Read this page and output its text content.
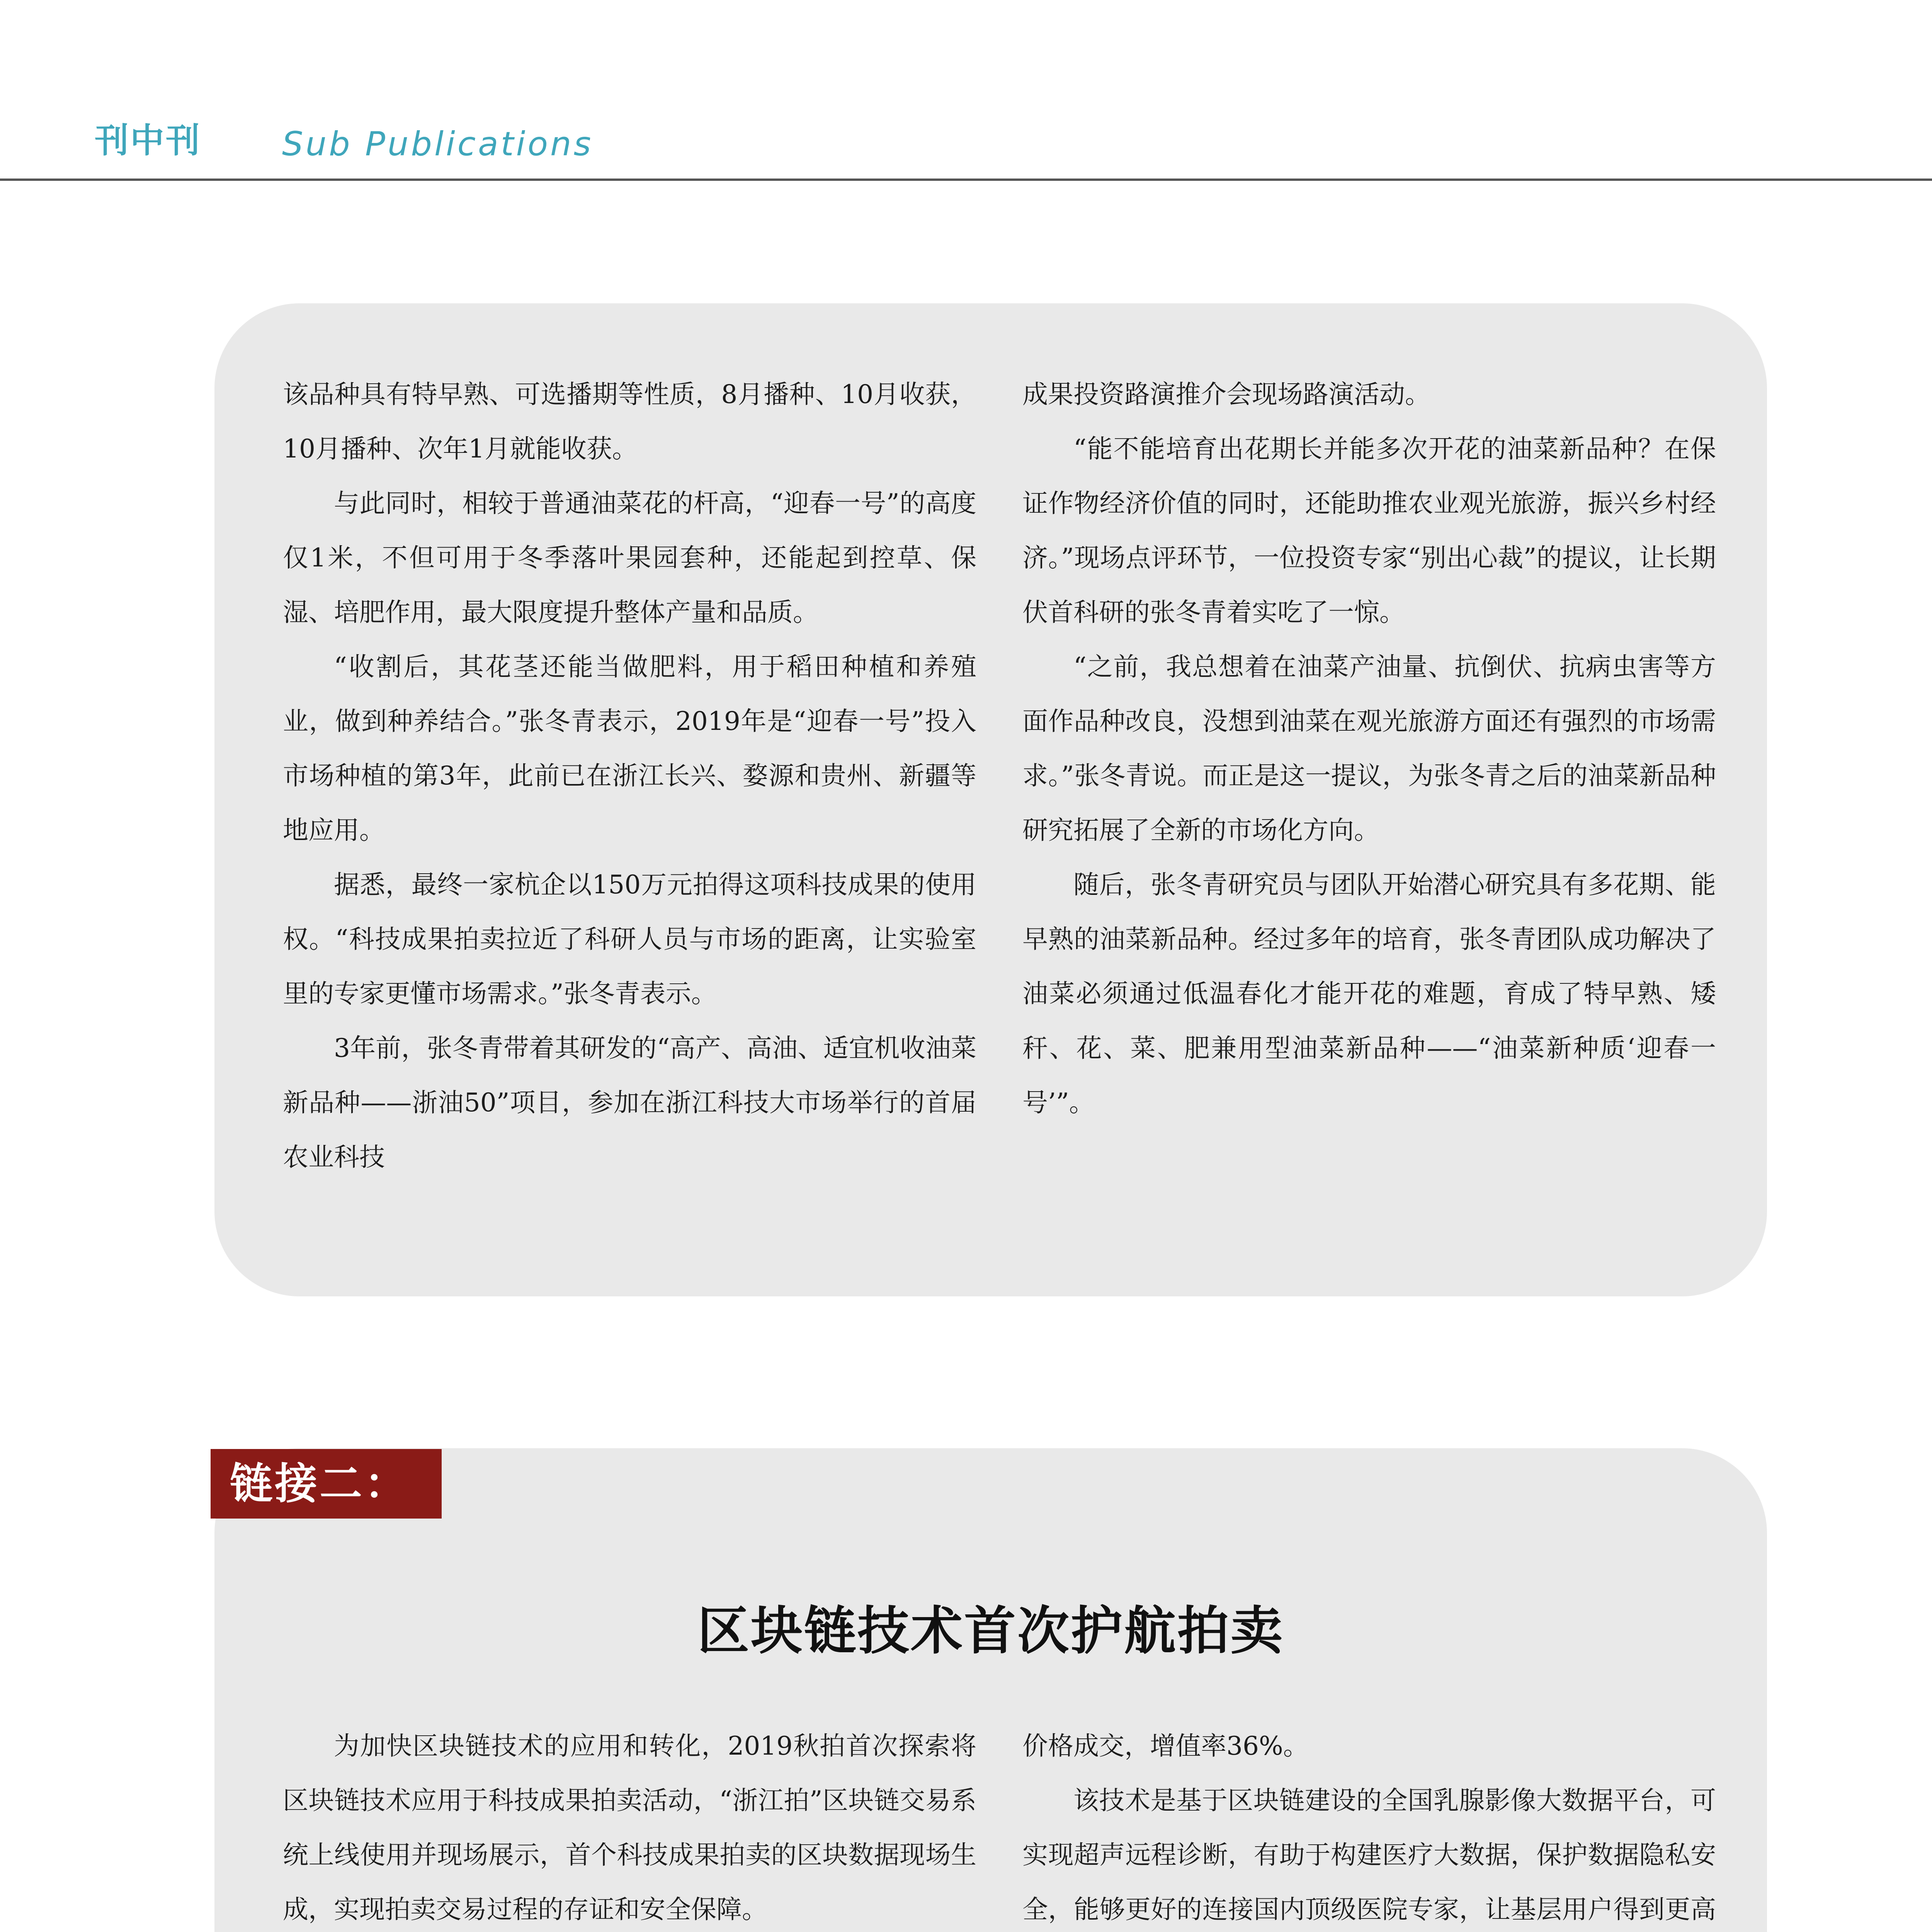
刊中刊 Sub Publications

该品种具有特早熟、可选播期等性质，8月播种、10月收获，10月播种、次年1月就能收获。

与此同时，相较于普通油菜花的杆高，“迎春一号”的高度仅1米，不但可用于冬季落叶果园套种，还能起到控草、保湿、培肥作用，最大限度提升整体产量和品质。

“收割后，其花茎还能当做肥料，用于稻田种植和养殖业，做到种养结合。”张冬青表示，2019年是“迎春一号”投入市场种植的第3年，此前已在浙江长兴、婺源和贵州、新疆等地应用。

据悉，最终一家杭企以150万元拍得这项科技成果的使用权。“科技成果拍卖拉近了科研人员与市场的距离，让实验室里的专家更懂市场需求。”张冬青表示。

3年前，张冬青带着其研发的“高产、高油、适宜机收油菜新品种——浙油50”项目，参加在浙江科技大市场举行的首届农业科技

成果投资路演推介会现场路演活动。

“能不能培育出花期长并能多次开花的油菜新品种？在保证作物经济价值的同时，还能助推农业观光旅游，振兴乡村经济。”现场点评环节，一位投资专家“别出心裁”的提议，让长期伏首科研的张冬青着实吃了一惊。

“之前，我总想着在油菜产油量、抗倒伏、抗病虫害等方面作品种改良，没想到油菜在观光旅游方面还有强烈的市场需求。”张冬青说。而正是这一提议，为张冬青之后的油菜新品种研究拓展了全新的市场化方向。

随后，张冬青研究员与团队开始潜心研究具有多花期、能早熟的油菜新品种。经过多年的培育，张冬青团队成功解决了油菜必须通过低温春化才能开花的难题，育成了特早熟、矮秆、花、菜、肥兼用型油菜新品种——“油菜新种质‘迎春一号’”。

为加快区块链技术的应用和转化，2019秋拍首次探索将区块链技术应用于科技成果拍卖活动，“浙江拍”区块链交易系统上线使用并现场展示，首个科技成果拍卖的区块数据现场生成，实现拍卖交易过程的存证和安全保障。

价格成交，增值率36%。

该技术是基于区块链建设的全国乳腺影像大数据平台，可实现超声远程诊断，有助于构建医疗大数据，保护数据隐私安全，能够更好的连接国内顶级医院专家，让基层用户得到更高

链接二：
区块链技术首次护航拍卖
